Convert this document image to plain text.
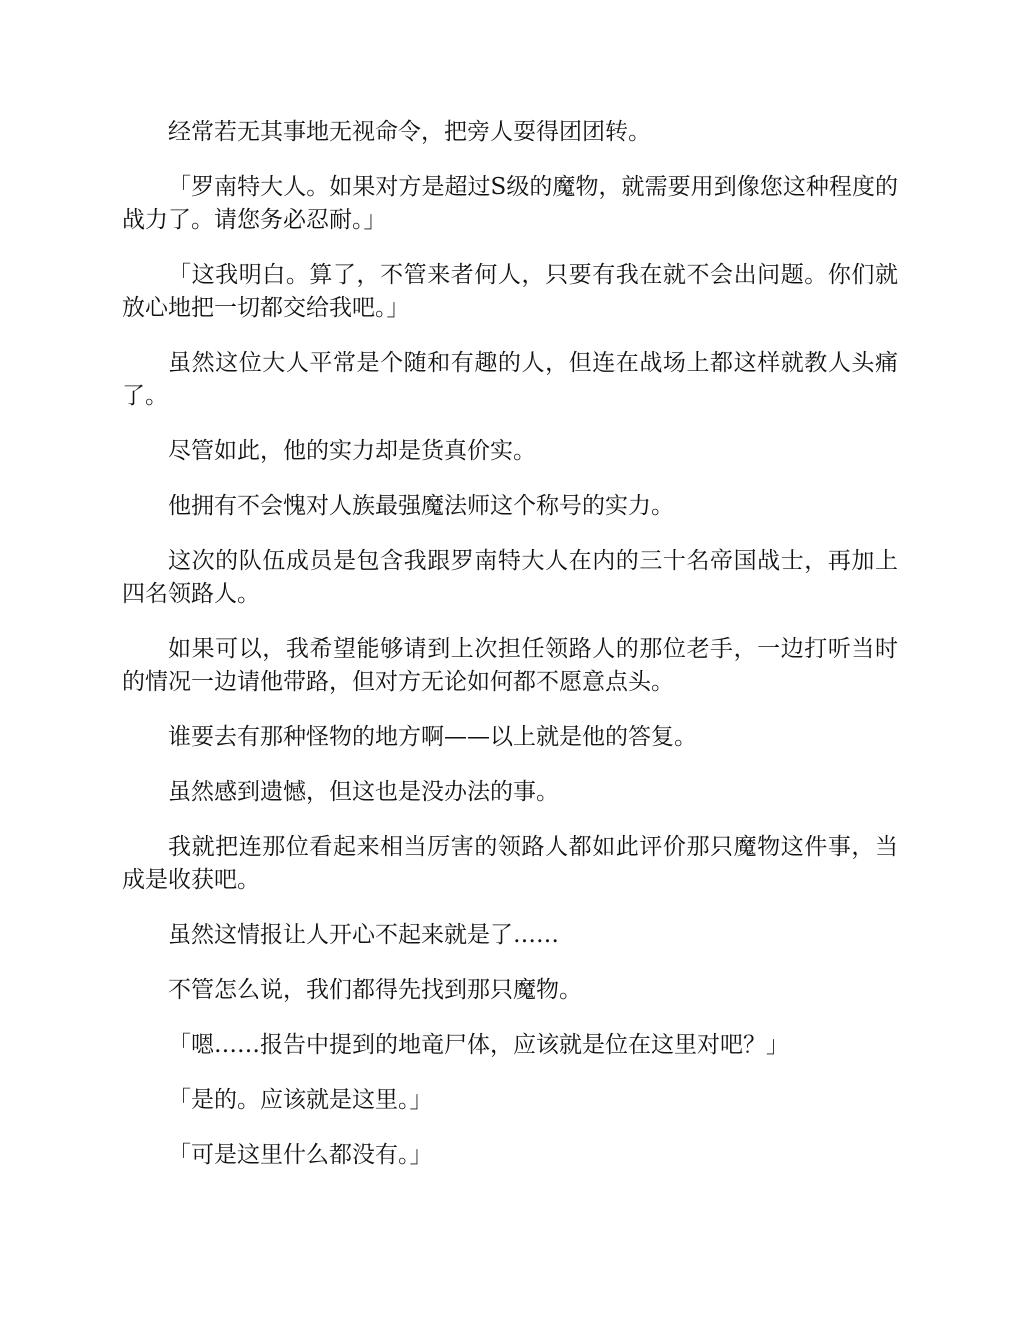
经常若无其事地无视命令，把旁人耍得团团转。

「罗南特大人。如果对方是超过S级的魔物，就需要用到像您这种程度的战力了。请您务必忍耐。」

「这我明白。算了，不管来者何人，只要有我在就不会出问题。你们就放心地把一切都交给我吧。」

虽然这位大人平常是个随和有趣的人，但连在战场上都这样就教人头痛了。

尽管如此，他的实力却是货真价实。

他拥有不会愧对人族最强魔法师这个称号的实力。

这次的队伍成员是包含我跟罗南特大人在内的三十名帝国战士，再加上四名领路人。

如果可以，我希望能够请到上次担任领路人的那位老手，一边打听当时的情况一边请他带路，但对方无论如何都不愿意点头。

谁要去有那种怪物的地方啊——以上就是他的答复。

虽然感到遗憾，但这也是没办法的事。

我就把连那位看起来相当厉害的领路人都如此评价那只魔物这件事，当成是收获吧。

虽然这情报让人开心不起来就是了……

不管怎么说，我们都得先找到那只魔物。

「嗯……报告中提到的地竜尸体，应该就是位在这里对吧？」

「是的。应该就是这里。」

「可是这里什么都没有。」
